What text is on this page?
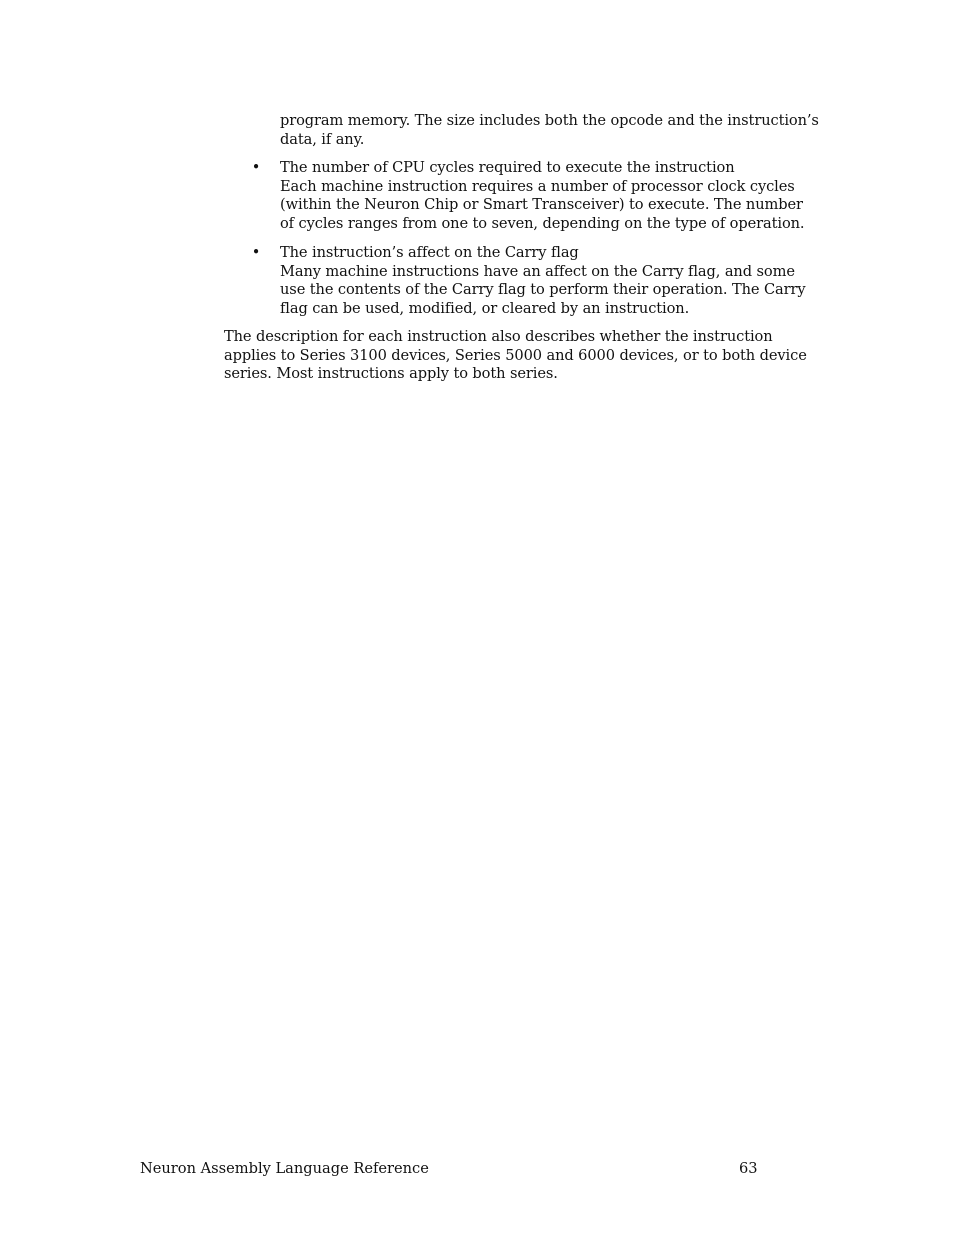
program memory. The size includes both the opcode and the instruction’s

data, if any.

• The number of CPU cycles required to execute the instruction

Each machine instruction requires a number of processor clock cycles

(within the Neuron Chip or Smart Transceiver) to execute. The number

of cycles ranges from one to seven, depending on the type of operation.

• The instruction’s affect on the Carry flag

Many machine instructions have an affect on the Carry flag, and some

use the contents of the Carry flag to perform their operation. The Carry

flag can be used, modified, or cleared by an instruction.

The description for each instruction also describes whether the instruction

applies to Series 3100 devices, Series 5000 and 6000 devices, or to both device

series. Most instructions apply to both series.

Neuron Assembly Language Reference	63
